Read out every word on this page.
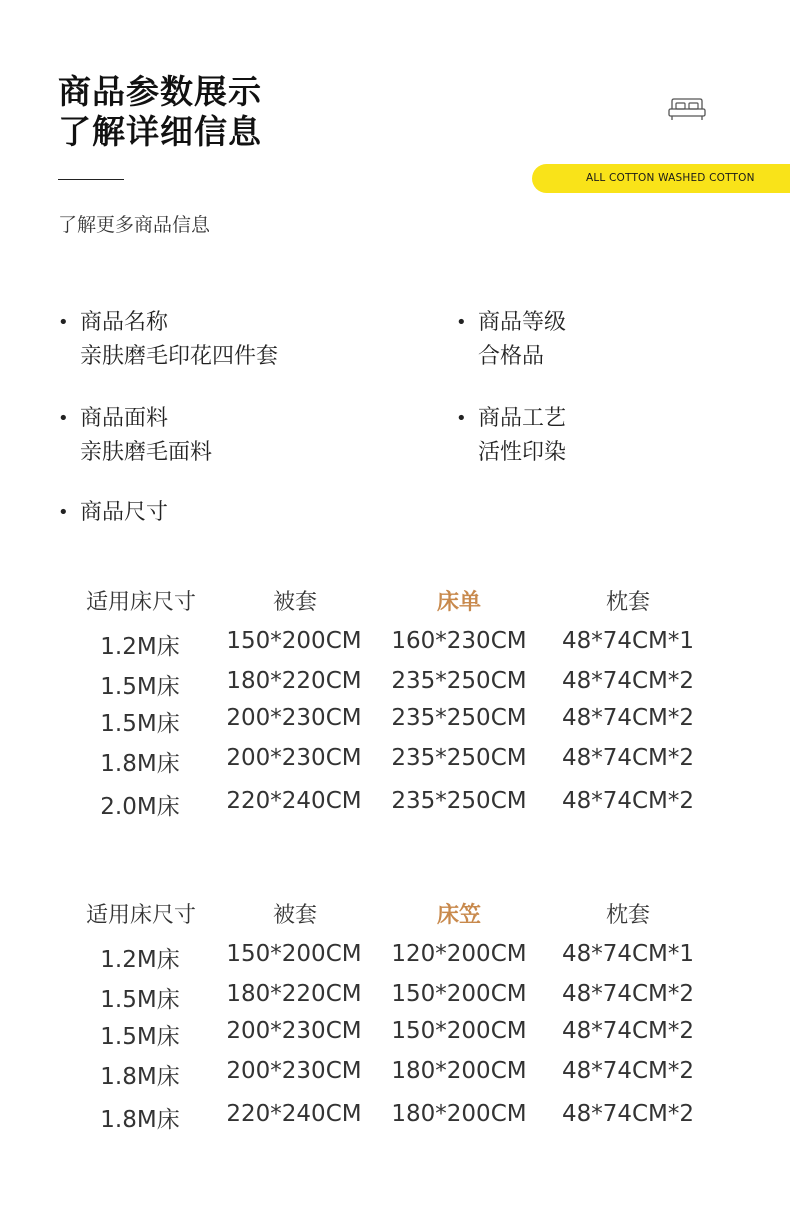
商品参数展示
了解详细信息
了解更多商品信息
ALL COTTON WASHED COTTON
• 商品名称
亲肤磨毛印花四件套
• 商品等级
合格品
• 商品面料
亲肤磨毛面料
• 商品工艺
活性印染
• 商品尺寸
适用床尺寸	被套	床单	枕套
1.2M床 150*200CM 160*230CM 48*74CM*1
1.5M床 180*220CM 235*250CM 48*74CM*2
1.5M床 200*230CM 235*250CM 48*74CM*2
1.8M床 200*230CM 235*250CM 48*74CM*2
2.0M床 220*240CM 235*250CM 48*74CM*2
适用床尺寸	被套	床笠	枕套
1.2M床 150*200CM 120*200CM 48*74CM*1
1.5M床 180*220CM 150*200CM 48*74CM*2
1.5M床 200*230CM 150*200CM 48*74CM*2
1.8M床 200*230CM 180*200CM 48*74CM*2
1.8M床 220*240CM 180*200CM 48*74CM*2
